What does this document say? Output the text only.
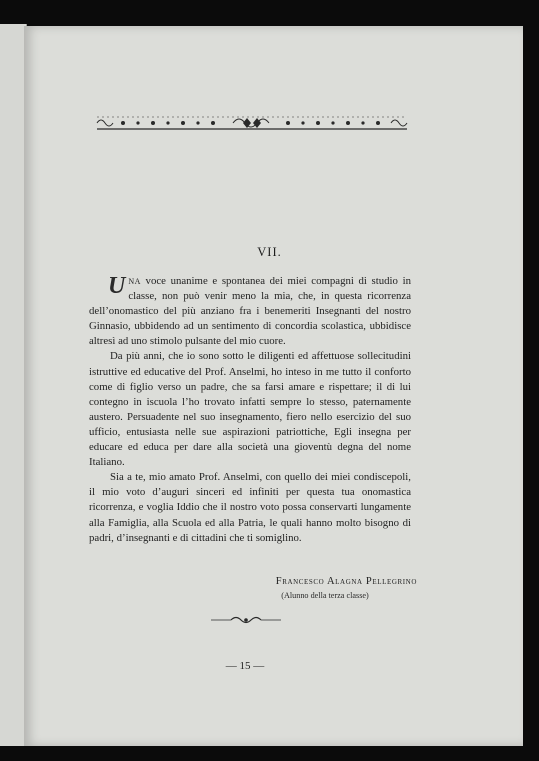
VII.

Una voce unanime e spontanea dei miei compagni di studio in classe, non può venir meno la mia, che, in questa ricorrenza dell’onomastico del più anziano fra i benemeriti Insegnanti del nostro Ginnasio, ubbidendo ad un sentimento di concordia scolastica, ubbidisce altresì ad uno stimolo pulsante del mio cuore.

Da più anni, che io sono sotto le diligenti ed affettuose sollecitudini istruttive ed educative del Prof. Anselmi, ho inteso in me tutto il conforto come di figlio verso un padre, che sa farsi amare e rispettare; il di lui contegno in iscuola l’ho trovato infatti sempre lo stesso, paternamente austero. Persuadente nel suo insegnamento, fiero nello esercizio del suo ufficio, entusiasta nelle sue aspirazioni patriottiche, Egli insegna per educare ed educa per dare alla società una gioventù degna del nome Italiano.

Sia a te, mio amato Prof. Anselmi, con quello dei miei condiscepoli, il mio voto d’auguri sinceri ed infiniti per questa tua onomastica ricorrenza, e voglia Iddio che il nostro voto possa conservarti lungamente alla Famiglia, alla Scuola ed alla Patria, le quali hanno molto bisogno di padri, d’insegnanti e di cittadini che ti somiglino.

Francesco Alagna Pellegrino
(Alunno della terza classe)
— 15 —
